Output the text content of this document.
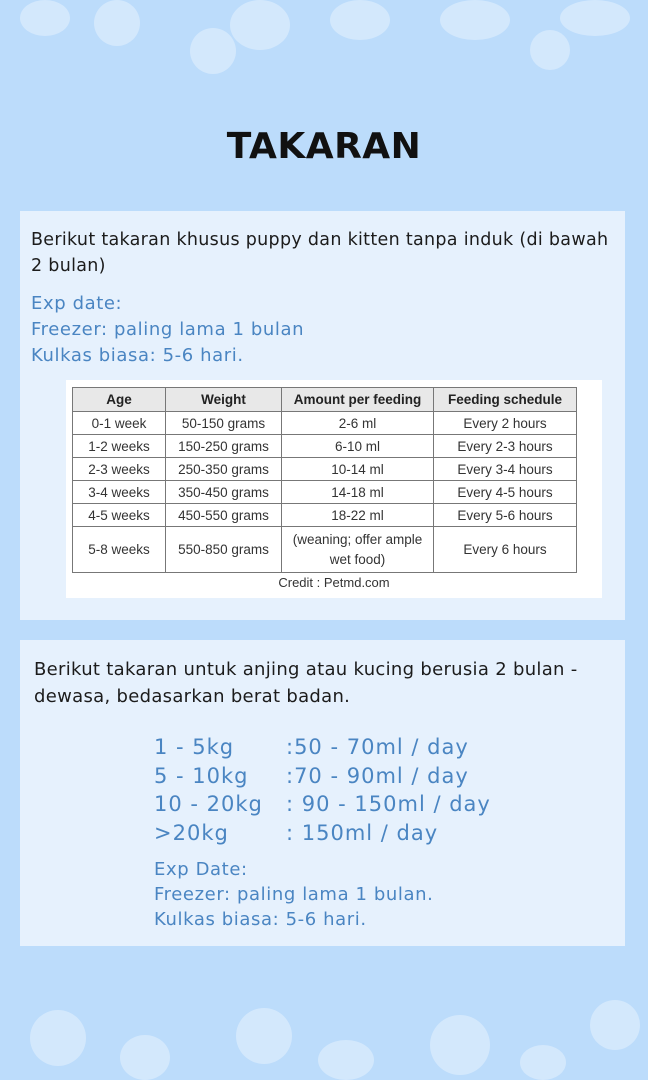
TAKARAN
Berikut takaran khusus puppy dan kitten tanpa induk (di bawah 2 bulan)
Exp date:
Freezer: paling lama 1 bulan
Kulkas biasa: 5-6 hari.
Age	Weight	Amount per feeding	Feeding schedule
0-1 week	50-150 grams	2-6 ml	Every 2 hours
1-2 weeks	150-250 grams	6-10 ml	Every 2-3 hours
2-3 weeks	250-350 grams	10-14 ml	Every 3-4 hours
3-4 weeks	350-450 grams	14-18 ml	Every 4-5 hours
4-5 weeks	450-550 grams	18-22 ml	Every 5-6 hours
5-8 weeks	550-850 grams	(weaning; offer ample wet food)	Every 6 hours
Credit : Petmd.com
Berikut takaran untuk anjing atau kucing berusia 2 bulan - dewasa, bedasarkan berat badan.
1 - 5kg	:50 - 70ml / day
5 - 10kg	:70 - 90ml / day
10 - 20kg	: 90 - 150ml / day
>20kg	: 150ml / day
Exp Date:
Freezer: paling lama 1 bulan.
Kulkas biasa: 5-6 hari.
